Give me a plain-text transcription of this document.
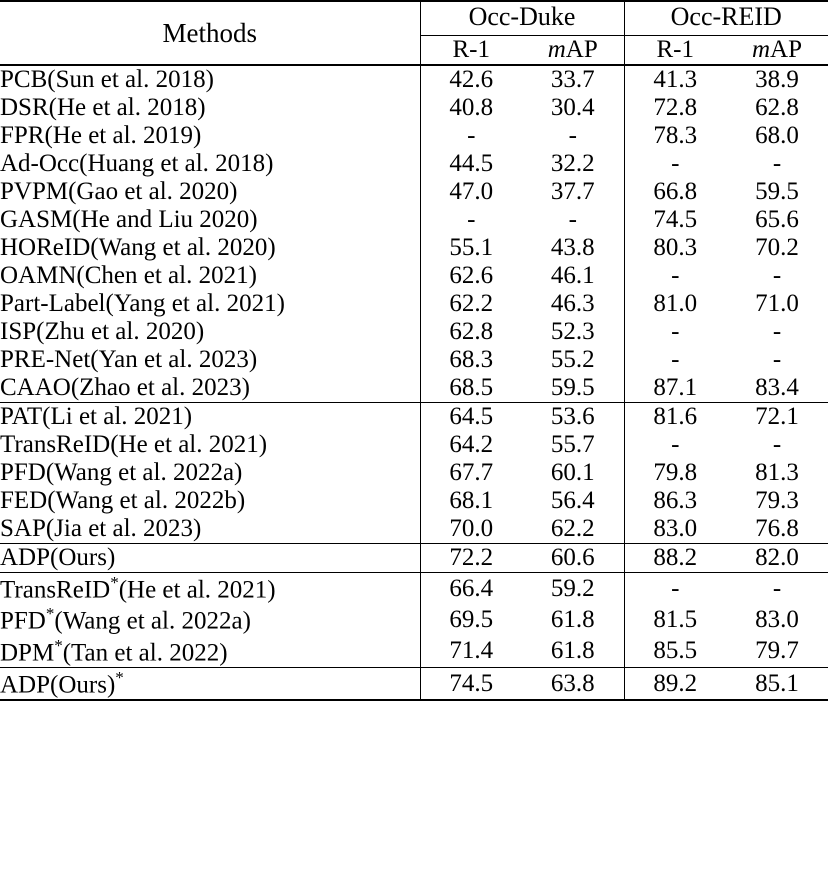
Methods	Occ-Duke		Occ-REID	

	R-1	mAP	R-1	mAP
PCB(Sun et al. 2018)	42.6	33.7	41.3	38.9
DSR(He et al. 2018)	40.8	30.4	72.8	62.8
FPR(He et al. 2019)	-	-	78.3	68.0
Ad-Occ(Huang et al. 2018)	44.5	32.2	-	-
PVPM(Gao et al. 2020)	47.0	37.7	66.8	59.5
GASM(He and Liu 2020)	-	-	74.5	65.6
HOReID(Wang et al. 2020)	55.1	43.8	80.3	70.2
OAMN(Chen et al. 2021)	62.6	46.1	-	-
Part-Label(Yang et al. 2021)	62.2	46.3	81.0	71.0
ISP(Zhu et al. 2020)	62.8	52.3	-	-
PRE-Net(Yan et al. 2023)	68.3	55.2	-	-
CAAO(Zhao et al. 2023)	68.5	59.5	87.1	83.4
PAT(Li et al. 2021)	64.5	53.6	81.6	72.1
TransReID(He et al. 2021)	64.2	55.7	-	-
PFD(Wang et al. 2022a)	67.7	60.1	79.8	81.3
FED(Wang et al. 2022b)	68.1	56.4	86.3	79.3
SAP(Jia et al. 2023)	70.0	62.2	83.0	76.8
ADP(Ours)	72.2	60.6	88.2	82.0
TransReID*(He et al. 2021)	66.4	59.2	-	-
PFD*(Wang et al. 2022a)	69.5	61.8	81.5	83.0
DPM*(Tan et al. 2022)	71.4	61.8	85.5	79.7
ADP(Ours)*	74.5	63.8	89.2	85.1
